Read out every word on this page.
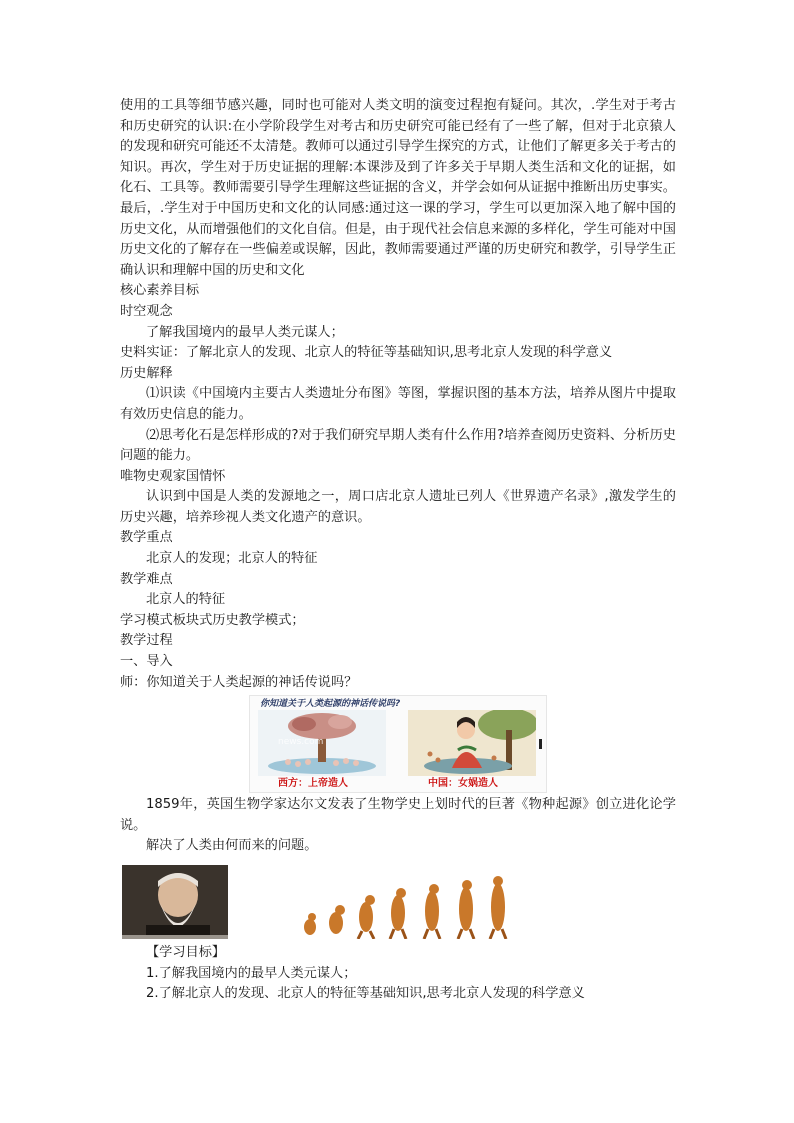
使用的工具等细节感兴趣，同时也可能对人类文明的演变过程抱有疑问。其次，.学生对于考古和历史研究的认识:在小学阶段学生对考古和历史研究可能已经有了一些了解，但对于北京猿人的发现和研究可能还不太清楚。教师可以通过引导学生探究的方式，让他们了解更多关于考古的知识。再次，学生对于历史证据的理解:本课涉及到了许多关于早期人类生活和文化的证据，如化石、工具等。教师需要引导学生理解这些证据的含义，并学会如何从证据中推断出历史事实。最后，.学生对于中国历史和文化的认同感:通过这一课的学习，学生可以更加深入地了解中国的历史文化，从而增强他们的文化自信。但是，由于现代社会信息来源的多样化，学生可能对中国历史文化的了解存在一些偏差或误解，因此，教师需要通过严谨的历史研究和教学，引导学生正确认识和理解中国的历史和文化

核心素养目标

时空观念

了解我国境内的最早人类元谋人；

史料实证：了解北京人的发现、北京人的特征等基础知识,思考北京人发现的科学意义

历史解释

⑴识读《中国境内主要古人类遗址分布图》等图，掌握识图的基本方法，培养从图片中提取有效历史信息的能力。

⑵思考化石是怎样形成的?对于我们研究早期人类有什么作用?培养查阅历史资料、分析历史问题的能力。

唯物史观家国情怀

认识到中国是人类的发源地之一，周口店北京人遗址已列人《世界遗产名录》,激发学生的历史兴趣，培养珍视人类文化遗产的意识。

教学重点

北京人的发现；北京人的特征

教学难点

北京人的特征

学习模式板块式历史教学模式；

教学过程

一、导入

师：你知道关于人类起源的神话传说吗？

你知道关于人类起源的神话传说吗?
news.com
西方：上帝造人	中国：女娲造人

1859年，英国生物学家达尔文发表了生物学史上划时代的巨著《物种起源》创立进化论学说。

解决了人类由何而来的问题。

【学习目标】

1.了解我国境内的最早人类元谋人；

2.了解北京人的发现、北京人的特征等基础知识,思考北京人发现的科学意义
